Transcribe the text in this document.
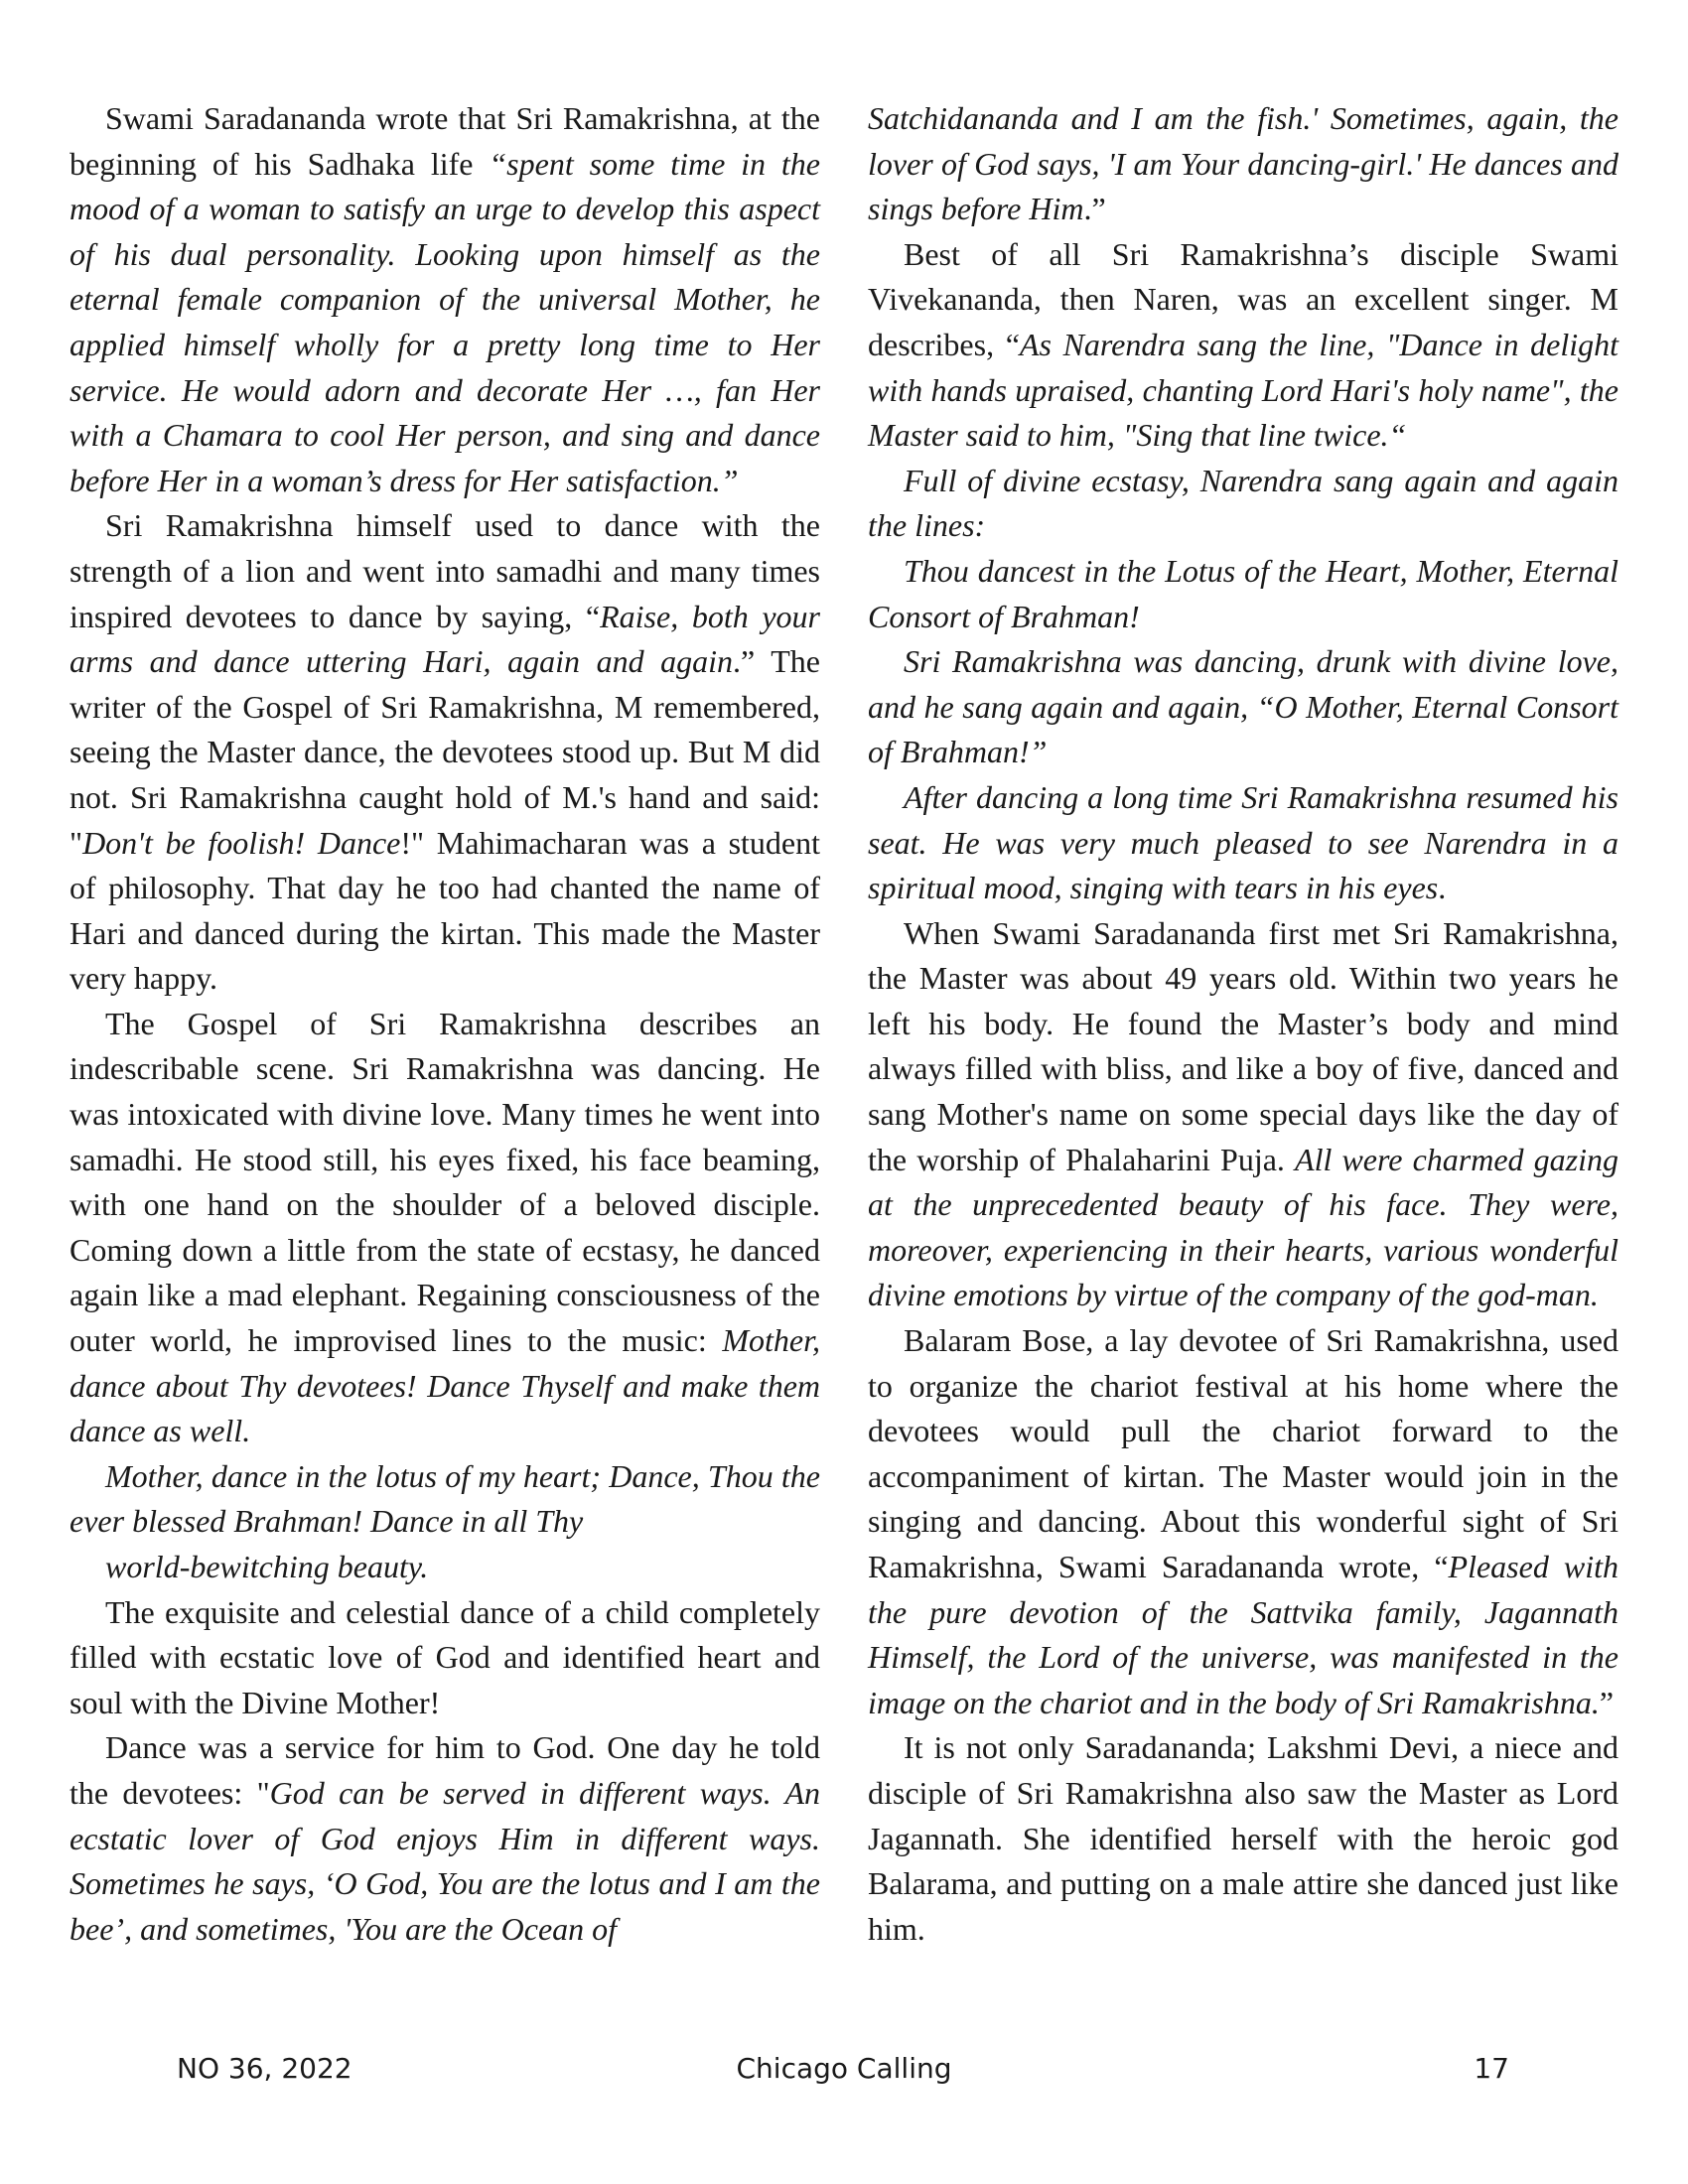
Swami Saradananda wrote that Sri Ramakrishna, at the beginning of his Sadhaka life “spent some time in the mood of a woman to satisfy an urge to develop this aspect of his dual personality. Looking upon himself as the eternal female companion of the universal Mother, he applied himself wholly for a pretty long time to Her service. He would adorn and decorate Her …, fan Her with a Chamara to cool Her person, and sing and dance before Her in a woman’s dress for Her satisfaction.”

Sri Ramakrishna himself used to dance with the strength of a lion and went into samadhi and many times inspired devotees to dance by saying, “Raise, both your arms and dance uttering Hari, again and again.” The writer of the Gospel of Sri Ramakrishna, M remembered, seeing the Master dance, the devotees stood up. But M did not. Sri Ramakrishna caught hold of M.'s hand and said: "Don't be foolish! Dance!" Mahimacharan was a student of philosophy. That day he too had chanted the name of Hari and danced during the kirtan. This made the Master very happy.

The Gospel of Sri Ramakrishna describes an indescribable scene. Sri Ramakrishna was dancing. He was intoxicated with divine love. Many times he went into samadhi. He stood still, his eyes fixed, his face beaming, with one hand on the shoulder of a beloved disciple. Coming down a little from the state of ecstasy, he danced again like a mad elephant. Regaining consciousness of the outer world, he improvised lines to the music: Mother, dance about Thy devotees! Dance Thyself and make them dance as well.

Mother, dance in the lotus of my heart; Dance, Thou the ever blessed Brahman! Dance in all Thy

world-bewitching beauty.

The exquisite and celestial dance of a child completely filled with ecstatic love of God and identified heart and soul with the Divine Mother!

Dance was a service for him to God. One day he told the devotees: "God can be served in different ways. An ecstatic lover of God enjoys Him in different ways. Sometimes he says, ‘O God, You are the lotus and I am the bee’, and sometimes, 'You are the Ocean of

Satchidananda and I am the fish.' Sometimes, again, the lover of God says, 'I am Your dancing-girl.' He dances and sings before Him.”

Best of all Sri Ramakrishna’s disciple Swami Vivekananda, then Naren, was an excellent singer. M describes, “As Narendra sang the line, "Dance in delight with hands upraised, chanting Lord Hari's holy name", the Master said to him, "Sing that line twice.“

Full of divine ecstasy, Narendra sang again and again the lines:

Thou dancest in the Lotus of the Heart, Mother, Eternal Consort of Brahman!

Sri Ramakrishna was dancing, drunk with divine love, and he sang again and again, “O Mother, Eternal Consort of Brahman!”

After dancing a long time Sri Ramakrishna resumed his seat. He was very much pleased to see Narendra in a spiritual mood, singing with tears in his eyes.

When Swami Saradananda first met Sri Ramakrishna, the Master was about 49 years old. Within two years he left his body. He found the Master’s body and mind always filled with bliss, and like a boy of five, danced and sang Mother's name on some special days like the day of the worship of Phalaharini Puja. All were charmed gazing at the unprecedented beauty of his face. They were, moreover, experiencing in their hearts, various wonderful divine emotions by virtue of the company of the god-man.

Balaram Bose, a lay devotee of Sri Ramakrishna, used to organize the chariot festival at his home where the devotees would pull the chariot forward to the accompaniment of kirtan. The Master would join in the singing and dancing. About this wonderful sight of Sri Ramakrishna, Swami Saradananda wrote, “Pleased with the pure devotion of the Sattvika family, Jagannath Himself, the Lord of the universe, was manifested in the image on the chariot and in the body of Sri Ramakrishna.”

It is not only Saradananda; Lakshmi Devi, a niece and disciple of Sri Ramakrishna also saw the Master as Lord Jagannath. She identified herself with the heroic god Balarama, and putting on a male attire she danced just like him.

NO 36, 2022	Chicago Calling	17
